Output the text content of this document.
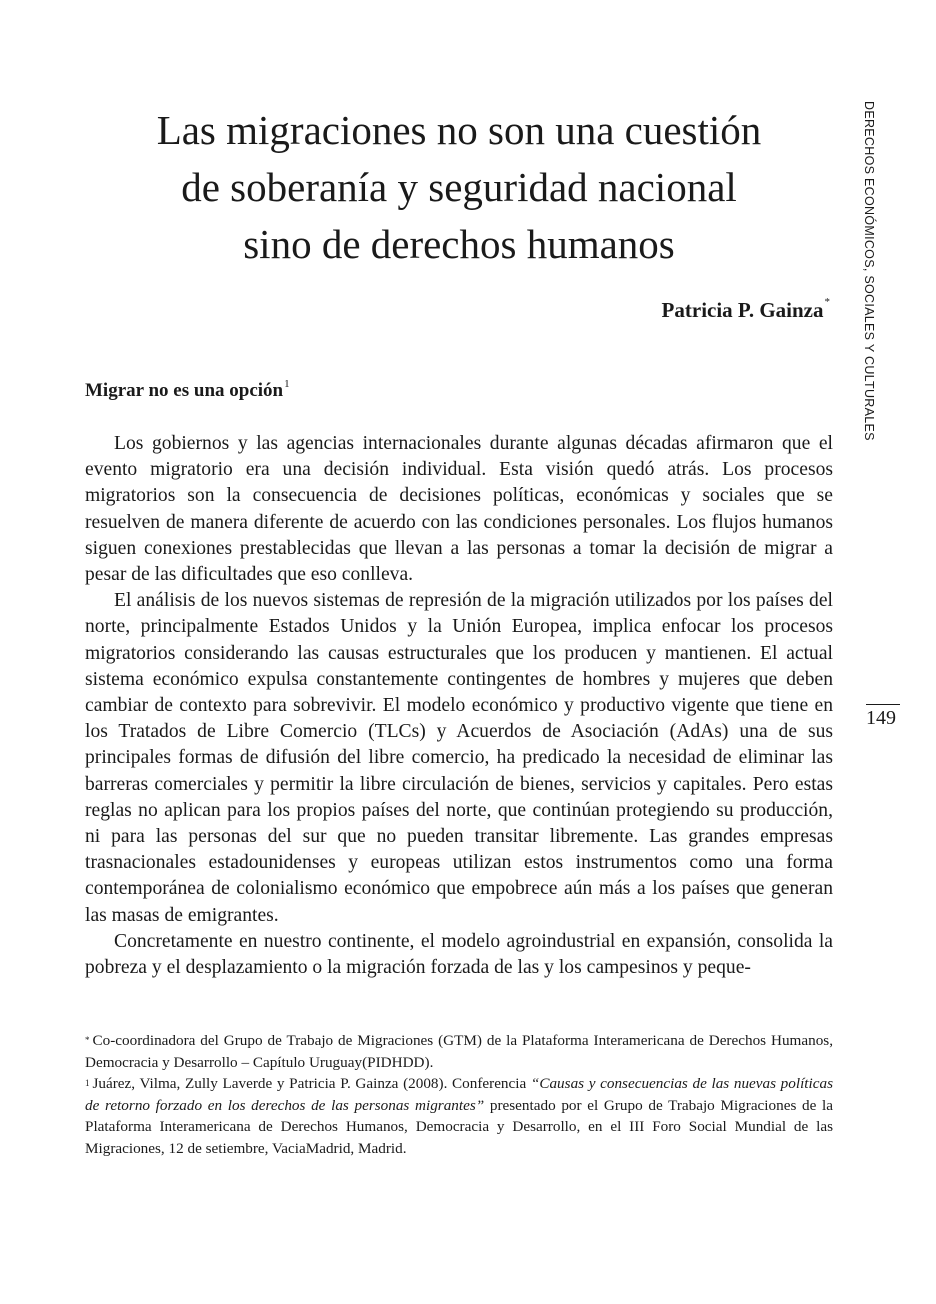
Las migraciones no son una cuestión
de soberanía y seguridad nacional
sino de derechos humanos
Patricia P. Gainza*
Migrar no es una opción$^1$

Los gobiernos y las agencias internacionales durante algunas décadas afirmaron que el evento migratorio era una decisión individual. Esta visión quedó atrás. Los procesos migratorios son la consecuencia de decisiones políticas, económicas y sociales que se resuelven de manera diferente de acuerdo con las condiciones personales. Los flujos humanos siguen conexiones prestablecidas que llevan a las personas a tomar la decisión de migrar a pesar de las dificultades que eso conlleva.

El análisis de los nuevos sistemas de represión de la migración utilizados por los países del norte, principalmente Estados Unidos y la Unión Europea, implica enfocar los procesos migratorios considerando las causas estructurales que los producen y mantienen. El actual sistema económico expulsa constantemente contingentes de hombres y mujeres que deben cambiar de contexto para sobrevivir. El modelo económico y productivo vigente que tiene en los Tratados de Libre Comercio (TLCs) y Acuerdos de Asociación (AdAs) una de sus principales formas de difusión del libre comercio, ha predicado la necesidad de eliminar las barreras comerciales y permitir la libre circulación de bienes, servicios y capitales. Pero estas reglas no aplican para los propios países del norte, que continúan protegiendo su producción, ni para las personas del sur que no pueden transitar libremente. Las grandes empresas trasnacionales estadounidenses y europeas utilizan estos instrumentos como una forma contemporánea de colonialismo económico que empobrece aún más a los países que generan las masas de emigrantes.

Concretamente en nuestro continente, el modelo agroindustrial en expansión, consolida la pobreza y el desplazamiento o la migración forzada de las y los campesinos y peque-

* Co-coordinadora del Grupo de Trabajo de Migraciones (GTM) de la Plataforma Interamericana de Derechos Humanos, Democracia y Desarrollo – Capítulo Uruguay(PIDHDD).

$^1$ Juárez, Vilma, Zully Laverde y Patricia P. Gainza (2008). Conferencia “Causas y consecuencias de las nuevas políticas de retorno forzado en los derechos de las personas migrantes” presentado por el Grupo de Trabajo Migraciones de la Plataforma Interamericana de Derechos Humanos, Democracia y Desarrollo, en el III Foro Social Mundial de las Migraciones, 12 de setiembre, VaciaMadrid, Madrid.

DERECHOS ECONÓMICOS, SOCIALES Y CULTURALES
149
